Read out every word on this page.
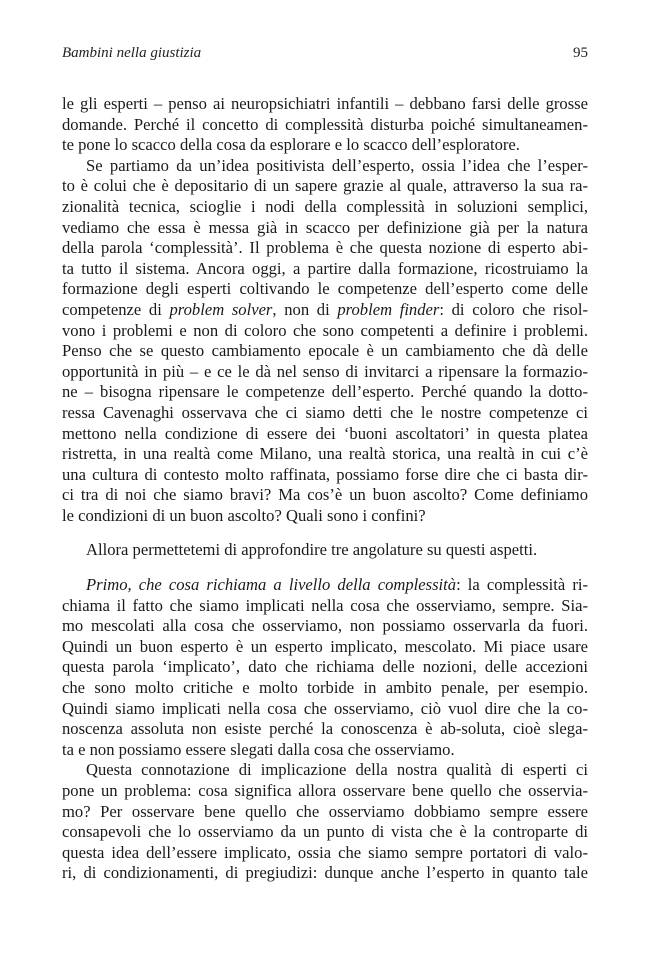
Bambini nella giustizia	95
le gli esperti – penso ai neuropsichiatri infantili – debbano farsi delle grosse
domande. Perché il concetto di complessità disturba poiché simultaneamen-
te pone lo scacco della cosa da esplorare e lo scacco dell’esploratore.
Se partiamo da un’idea positivista dell’esperto, ossia l’idea che l’esper-
to è colui che è depositario di un sapere grazie al quale, attraverso la sua ra-
zionalità tecnica, scioglie i nodi della complessità in soluzioni semplici,
vediamo che essa è messa già in scacco per definizione già per la natura
della parola ‘complessità’. Il problema è che questa nozione di esperto abi-
ta tutto il sistema. Ancora oggi, a partire dalla formazione, ricostruiamo la
formazione degli esperti coltivando le competenze dell’esperto come delle
competenze di problem solver, non di problem finder: di coloro che risol-
vono i problemi e non di coloro che sono competenti a definire i problemi.
Penso che se questo cambiamento epocale è un cambiamento che dà delle
opportunità in più – e ce le dà nel senso di invitarci a ripensare la formazio-
ne – bisogna ripensare le competenze dell’esperto. Perché quando la dotto-
ressa Cavenaghi osservava che ci siamo detti che le nostre competenze ci
mettono nella condizione di essere dei ‘buoni ascoltatori’ in questa platea
ristretta, in una realtà come Milano, una realtà storica, una realtà in cui c’è
una cultura di contesto molto raffinata, possiamo forse dire che ci basta dir-
ci tra di noi che siamo bravi? Ma cos’è un buon ascolto? Come definiamo
le condizioni di un buon ascolto? Quali sono i confini?
Allora permettetemi di approfondire tre angolature su questi aspetti.
Primo, che cosa richiama a livello della complessità: la complessità ri-
chiama il fatto che siamo implicati nella cosa che osserviamo, sempre. Sia-
mo mescolati alla cosa che osserviamo, non possiamo osservarla da fuori.
Quindi un buon esperto è un esperto implicato, mescolato. Mi piace usare
questa parola ‘implicato’, dato che richiama delle nozioni, delle accezioni
che sono molto critiche e molto torbide in ambito penale, per esempio.
Quindi siamo implicati nella cosa che osserviamo, ciò vuol dire che la co-
noscenza assoluta non esiste perché la conoscenza è ab-soluta, cioè slega-
ta e non possiamo essere slegati dalla cosa che osserviamo.
Questa connotazione di implicazione della nostra qualità di esperti ci
pone un problema: cosa significa allora osservare bene quello che osservia-
mo? Per osservare bene quello che osserviamo dobbiamo sempre essere
consapevoli che lo osserviamo da un punto di vista che è la controparte di
questa idea dell’essere implicato, ossia che siamo sempre portatori di valo-
ri, di condizionamenti, di pregiudizi: dunque anche l’esperto in quanto tale
